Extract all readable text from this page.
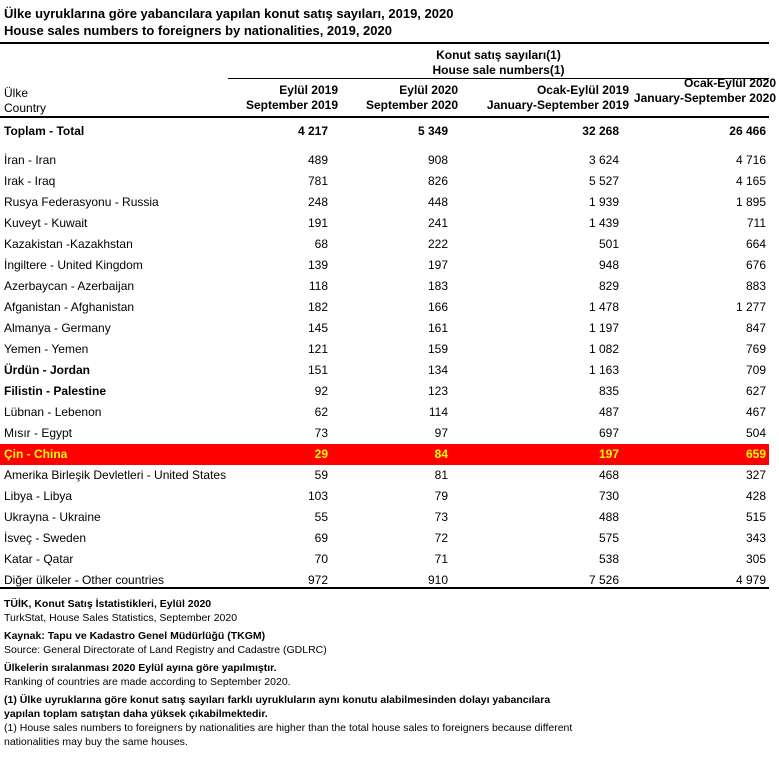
Ülke uyruklarına göre yabancılara yapılan konut satış sayıları, 2019, 2020
House sales numbers to foreigners by nationalities, 2019, 2020
Konut satış sayıları(1)
House sale numbers(1)
Ülke
Country
Eylül 2019
September 2019
Eylül 2020
September 2020
Ocak-Eylül 2019
January-September 2019
Ocak-Eylül 2020
January-September 2020
Toplam - Total	4 217	5 349	32 268	26 466
İran - Iran	489	908	3 624	4 716
Irak - Iraq	781	826	5 527	4 165
Rusya Federasyonu - Russia	248	448	1 939	1 895
Kuveyt - Kuwait	191	241	1 439	711
Kazakistan -Kazakhstan	68	222	501	664
İngiltere - United Kingdom	139	197	948	676
Azerbaycan - Azerbaijan	118	183	829	883
Afganistan - Afghanistan	182	166	1 478	1 277
Almanya - Germany	145	161	1 197	847
Yemen - Yemen	121	159	1 082	769
Ürdün - Jordan	151	134	1 163	709
Filistin - Palestine	92	123	835	627
Lübnan - Lebenon	62	114	487	467
Mısır - Egypt	73	97	697	504
Çin - China	29	84	197	659
Amerika Birleşik Devletleri - United States	59	81	468	327
Libya - Libya	103	79	730	428
Ukrayna - Ukraine	55	73	488	515
İsveç - Sweden	69	72	575	343
Katar - Qatar	70	71	538	305
Diğer ülkeler - Other countries	972	910	7 526	4 979
TÜİK, Konut Satış İstatistikleri, Eylül 2020
TurkStat, House Sales Statistics, September 2020
Kaynak: Tapu ve Kadastro Genel Müdürlüğü (TKGM)
Source: General Directorate of Land Registry and Cadastre (GDLRC)
Ülkelerin sıralanması 2020 Eylül ayına göre yapılmıştır.
Ranking of countries are made according to September 2020.
(1) Ülke uyruklarına göre konut satış sayıları farklı uyrukluların aynı konutu alabilmesinden dolayı yabancılara
yapılan toplam satıştan daha yüksek çıkabilmektedir.
(1) House sales numbers to foreigners by nationalities are higher than the total house sales to foreigners because different
nationalities may buy the same houses.
